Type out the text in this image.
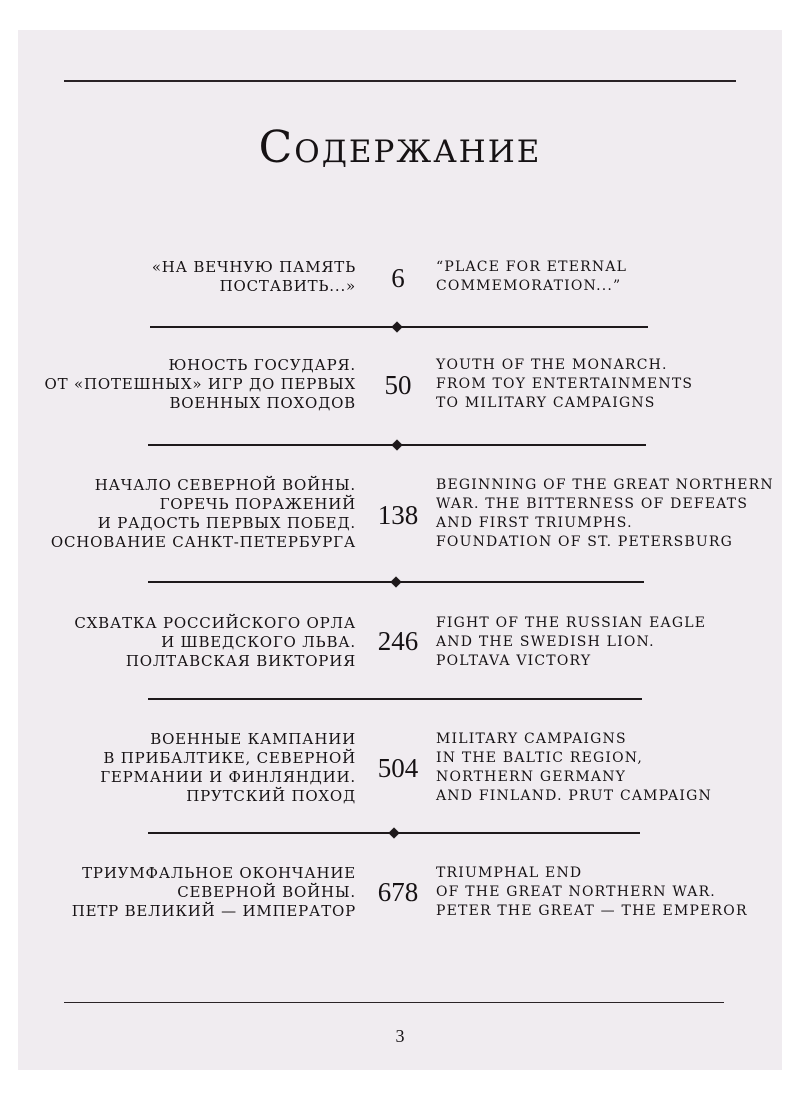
Содержание
«НА ВЕЧНУЮ ПАМЯТЬ
ПОСТАВИТЬ...»	6	“PLACE FOR ETERNAL
COMMEMORATION...”
ЮНОСТЬ ГОСУДАРЯ.
ОТ «ПОТЕШНЫХ» ИГР ДО ПЕРВЫХ
ВОЕННЫХ ПОХОДОВ
50
YOUTH OF THE MONARCH.
FROM TOY ENTERTAINMENTS
TO MILITARY CAMPAIGNS
НАЧАЛО СЕВЕРНОЙ ВОЙНЫ.
ГОРЕЧЬ ПОРАЖЕНИЙ
И РАДОСТЬ ПЕРВЫХ ПОБЕД.
ОСНОВАНИЕ САНКТ-ПЕТЕРБУРГА
138
BEGINNING OF THE GREAT NORTHERN
WAR. THE BITTERNESS OF DEFEATS
AND FIRST TRIUMPHS.
FOUNDATION OF ST. PETERSBURG
СХВАТКА РОССИЙСКОГО ОРЛА
И ШВЕДСКОГО ЛЬВА.
ПОЛТАВСКАЯ ВИКТОРИЯ
246
FIGHT OF THE RUSSIAN EAGLE
AND THE SWEDISH LION.
POLTAVA VICTORY
ВОЕННЫЕ КАМПАНИИ
В ПРИБАЛТИКЕ, СЕВЕРНОЙ
ГЕРМАНИИ И ФИНЛЯНДИИ.
ПРУТСКИЙ ПОХОД
504
MILITARY CAMPAIGNS
IN THE BALTIC REGION,
NORTHERN GERMANY
AND FINLAND. PRUT CAMPAIGN
ТРИУМФАЛЬНОЕ ОКОНЧАНИЕ
СЕВЕРНОЙ ВОЙНЫ.
ПЕТР ВЕЛИКИЙ — ИМПЕРАТОР
678
TRIUMPHAL END
OF THE GREAT NORTHERN WAR.
PETER THE GREAT — THE EMPEROR
3
